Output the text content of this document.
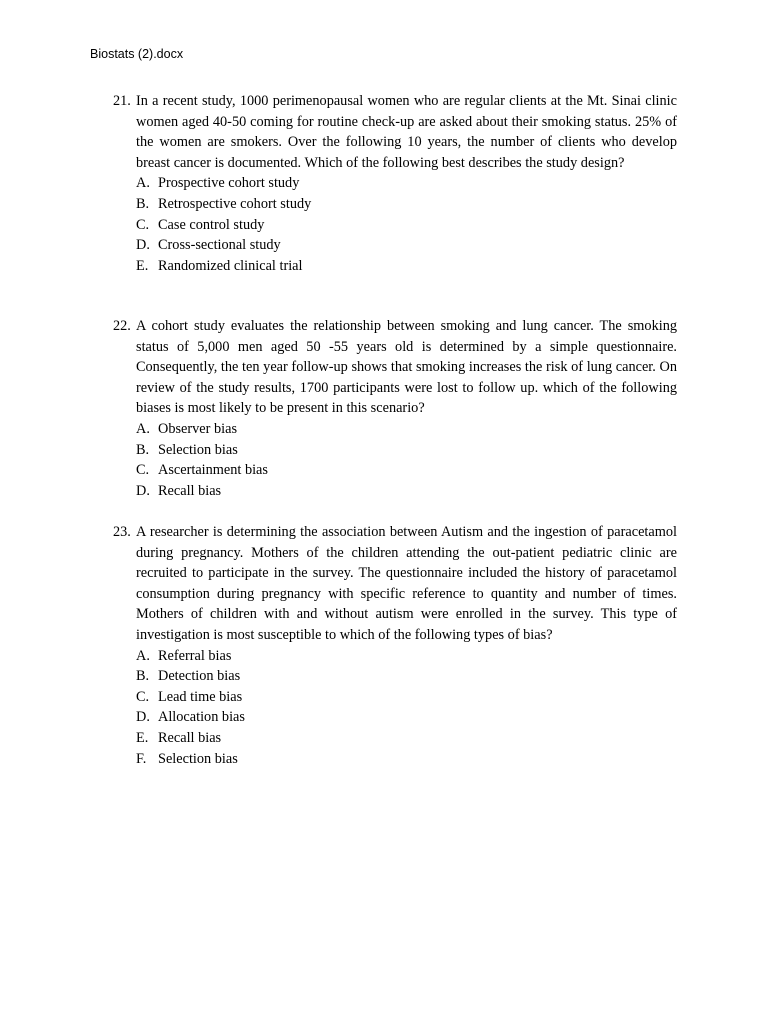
Biostats (2).docx
21. In a recent study, 1000 perimenopausal women who are regular clients at the Mt. Sinai clinic women aged 40-50 coming for routine check-up are asked about their smoking status. 25% of the women are smokers. Over the following 10 years, the number of clients who develop breast cancer is documented. Which of the following best describes the study design?
A. Prospective cohort study
B. Retrospective cohort study
C. Case control study
D. Cross-sectional study
E. Randomized clinical trial
22. A cohort study evaluates the relationship between smoking and lung cancer. The smoking status of 5,000 men aged 50 -55 years old is determined by a simple questionnaire. Consequently, the ten year follow-up shows that smoking increases the risk of lung cancer. On review of the study results, 1700 participants were lost to follow up. which of the following biases is most likely to be present in this scenario?
A. Observer bias
B. Selection bias
C. Ascertainment bias
D. Recall bias
23. A researcher is determining the association between Autism and the ingestion of paracetamol during pregnancy. Mothers of the children attending the out-patient pediatric clinic are recruited to participate in the survey. The questionnaire included the history of paracetamol consumption during pregnancy with specific reference to quantity and number of times. Mothers of children with and without autism were enrolled in the survey. This type of investigation is most susceptible to which of the following types of bias?
A. Referral bias
B. Detection bias
C. Lead time bias
D. Allocation bias
E. Recall bias
F. Selection bias
